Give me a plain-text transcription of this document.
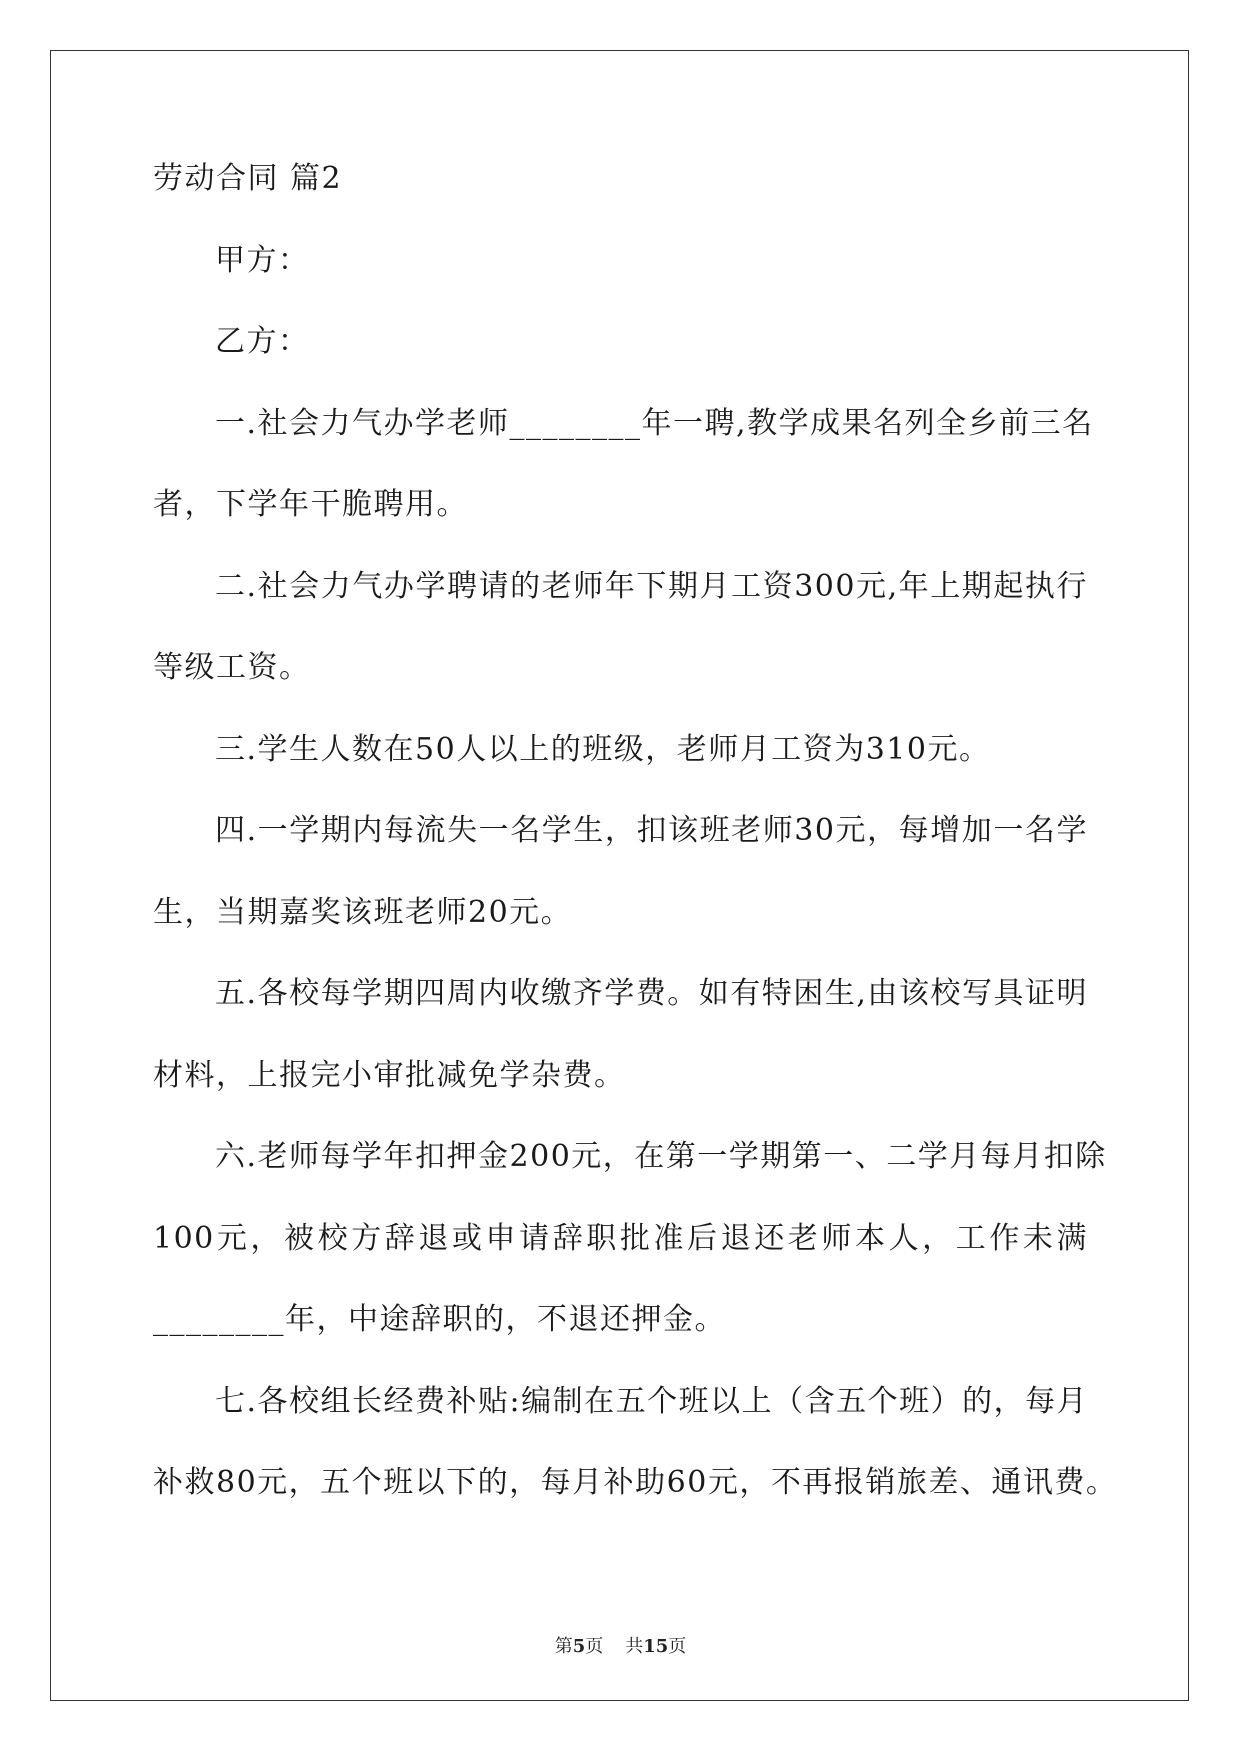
劳动合同 篇2
甲方：
乙方：
一.社会力气办学老师________年一聘,教学成果名列全乡前三名
者，下学年干脆聘用。
二.社会力气办学聘请的老师年下期月工资300元,年上期起执行
等级工资。
三.学生人数在50人以上的班级，老师月工资为310元。
四.一学期内每流失一名学生，扣该班老师30元，每增加一名学
生，当期嘉奖该班老师20元。
五.各校每学期四周内收缴齐学费。如有特困生,由该校写具证明
材料，上报完小审批减免学杂费。
六.老师每学年扣押金200元，在第一学期第一、二学月每月扣除
100元，被校方辞退或申请辞职批准后退还老师本人，工作未满
________年，中途辞职的，不退还押金。
七.各校组长经费补贴:编制在五个班以上（含五个班）的，每月
补救80元，五个班以下的，每月补助60元，不再报销旅差、通讯费。
第5页 共15页
